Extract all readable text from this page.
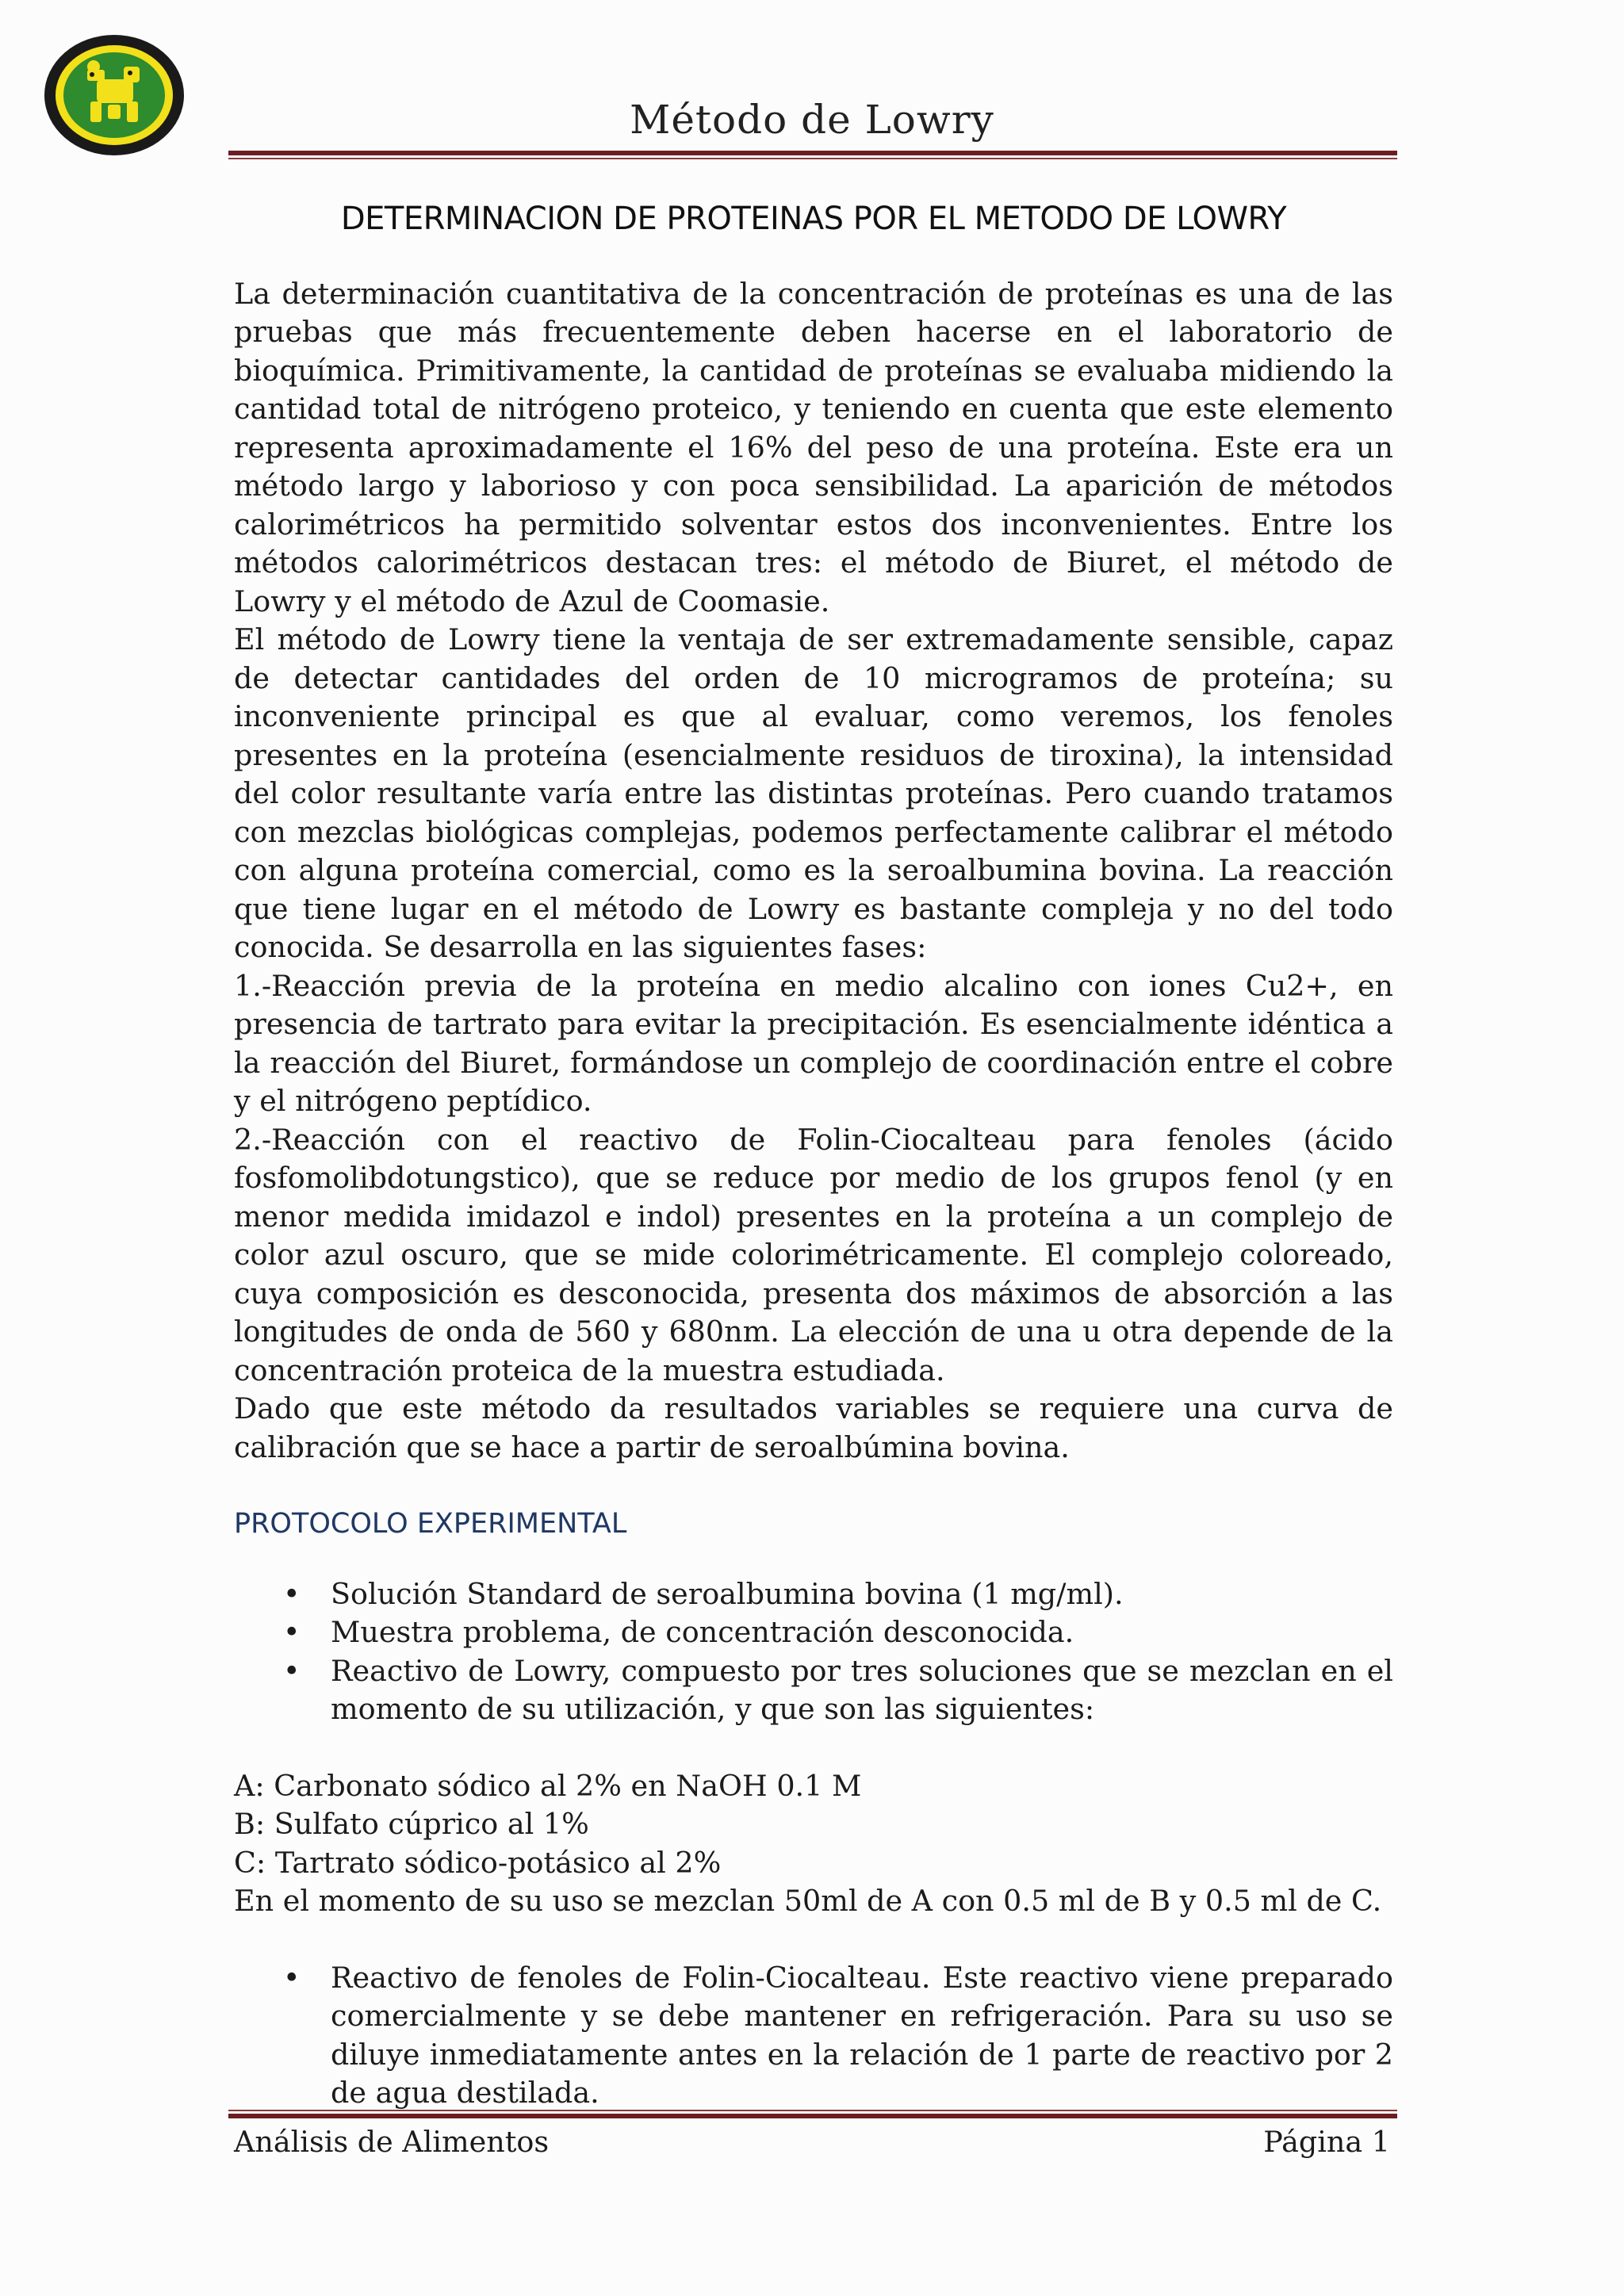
Método de Lowry
DETERMINACION DE PROTEINAS POR EL METODO DE LOWRY

La determinación cuantitativa de la concentración de proteínas es una de las pruebas que más frecuentemente deben hacerse en el laboratorio de bioquímica. Primitivamente, la cantidad de proteínas se evaluaba midiendo la cantidad total de nitrógeno proteico, y teniendo en cuenta que este elemento representa aproximadamente el 16% del peso de una proteína. Este era un método largo y laborioso y con poca sensibilidad. La aparición de métodos calorimétricos ha permitido solventar estos dos inconvenientes. Entre los métodos calorimétricos destacan tres: el método de Biuret, el método de Lowry y el método de Azul de Coomasie.

El método de Lowry tiene la ventaja de ser extremadamente sensible, capaz de detectar cantidades del orden de 10 microgramos de proteína; su inconveniente principal es que al evaluar, como veremos, los fenoles presentes en la proteína (esencialmente residuos de tiroxina), la intensidad del color resultante varía entre las distintas proteínas. Pero cuando tratamos con mezclas biológicas complejas, podemos perfectamente calibrar el método con alguna proteína comercial, como es la seroalbumina bovina. La reacción que tiene lugar en el método de Lowry es bastante compleja y no del todo conocida. Se desarrolla en las siguientes fases:

1.-Reacción previa de la proteína en medio alcalino con iones Cu2+, en presencia de tartrato para evitar la precipitación. Es esencialmente idéntica a la reacción del Biuret, formándose un complejo de coordinación entre el cobre y el nitrógeno peptídico.

2.-Reacción con el reactivo de Folin-Ciocalteau para fenoles (ácido fosfomolibdotungstico), que se reduce por medio de los grupos fenol (y en menor medida imidazol e indol) presentes en la proteína a un complejo de color azul oscuro, que se mide colorimétricamente. El complejo coloreado, cuya composición es desconocida, presenta dos máximos de absorción a las longitudes de onda de 560 y 680nm. La elección de una u otra depende de la concentración proteica de la muestra estudiada.

Dado que este método da resultados variables se requiere una curva de calibración que se hace a partir de seroalbúmina bovina.

PROTOCOLO EXPERIMENTAL
• Solución Standard de seroalbumina bovina (1 mg/ml).
• Muestra problema, de concentración desconocida.
• Reactivo de Lowry, compuesto por tres soluciones que se mezclan en el momento de su utilización, y que son las siguientes:

A: Carbonato sódico al 2% en NaOH 0.1 M

B: Sulfato cúprico al 1%

C: Tartrato sódico-potásico al 2%

En el momento de su uso se mezclan 50ml de A con 0.5 ml de B y 0.5 ml de C.

• Reactivo de fenoles de Folin-Ciocalteau. Este reactivo viene preparado comercialmente y se debe mantener en refrigeración. Para su uso se diluye inmediatamente antes en la relación de 1 parte de reactivo por 2 de agua destilada.
Análisis de Alimentos	Página 1
